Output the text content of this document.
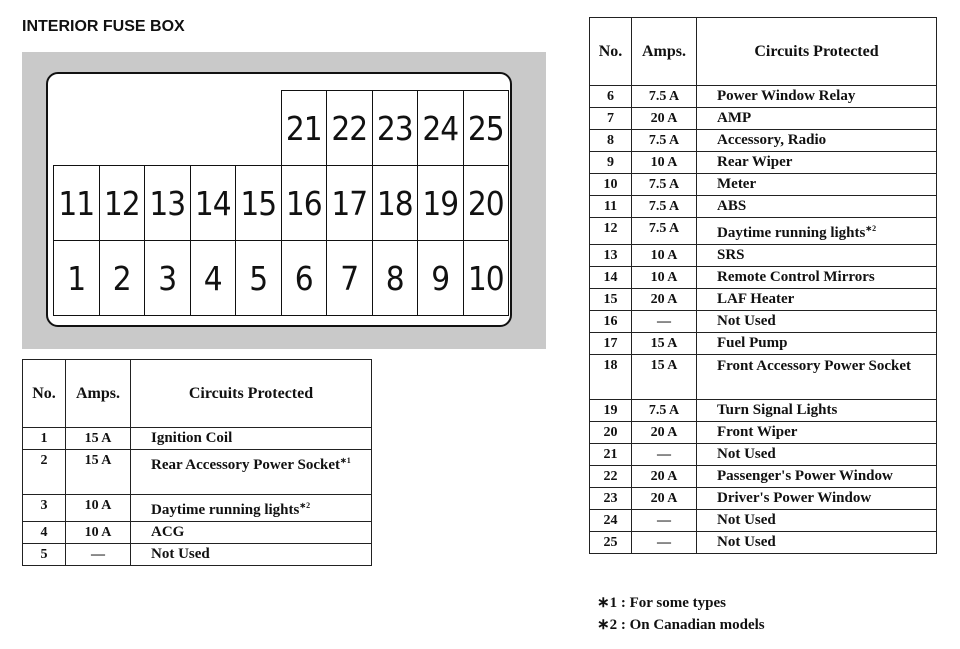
INTERIOR FUSE BOX
21 22 23 24 25
11 12 13 14 15 16 17 18 19 20
1 2 3 4 5 6 7 8 9 10
No.	Amps.	Circuits Protected
1	15 A	Ignition Coil
2	15 A	Rear Accessory Power Socket$^{∗1}$
3	10 A	Daytime running lights$^{∗2}$
4	10 A	ACG
5	—	Not Used
No.	Amps.	Circuits Protected
6	7.5 A	Power Window Relay
7	20 A	AMP
8	7.5 A	Accessory, Radio
9	10 A	Rear Wiper
10	7.5 A	Meter
11	7.5 A	ABS
12	7.5 A	Daytime running lights$^{∗2}$
13	10 A	SRS
14	10 A	Remote Control Mirrors
15	20 A	LAF Heater
16	—	Not Used
17	15 A	Fuel Pump
18	15 A	Front Accessory Power Socket
19	7.5 A	Turn Signal Lights
20	20 A	Front Wiper
21	—	Not Used
22	20 A	Passenger's Power Window
23	20 A	Driver's Power Window
24	—	Not Used
25	—	Not Used
∗1 : For some types
∗2 : On Canadian models
